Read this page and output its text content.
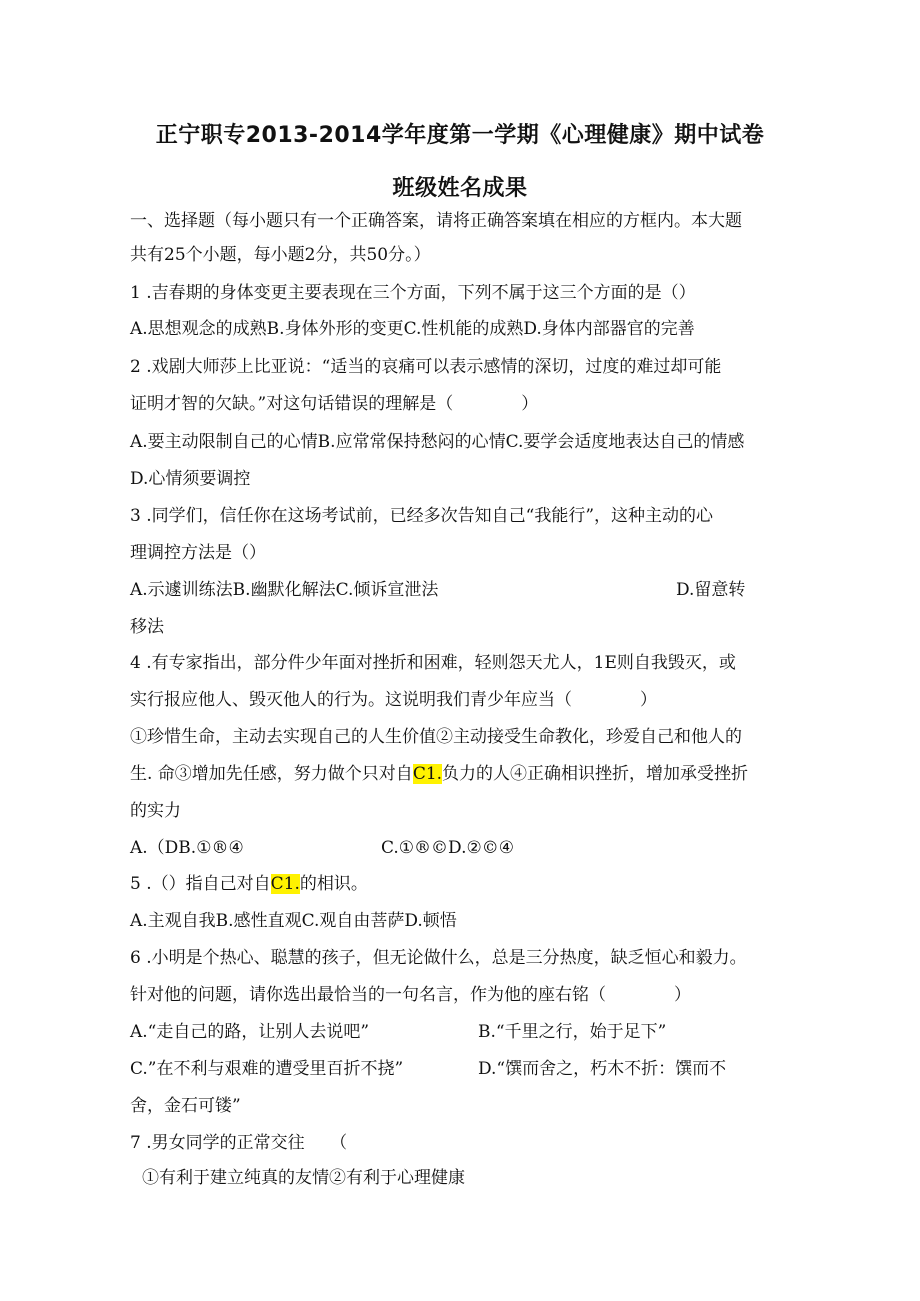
正宁职专2013-2014学年度第一学期《心理健康》期中试卷
班级姓名成果
一、选择题（每小题只有一个正确答案，请将正确答案填在相应的方框内。本大题
共有25个小题，每小题2分，共50分。）
1 .吉春期的身体变更主要表现在三个方面，下列不属于这三个方面的是（）
A.思想观念的成熟B.身体外形的变更C.性机能的成熟D.身体内部器官的完善
2 .戏剧大师莎上比亚说：“适当的哀痛可以表示感情的深切，过度的难过却可能
证明才智的欠缺。”对这句话错误的理解是（　　　　）
A.要主动限制自己的心情B.应常常保持愁闷的心情C.要学会适度地表达自己的情感
D.心情须要调控
3 .同学们，信任你在这场考试前，已经多次告知自己“我能行”，这种主动的心
理调控方法是（）
A.示遽训练法B.幽默化解法C.倾诉宣泄法	D.留意转
移法
4 .有专家指出，部分件少年面对挫折和困难，轻则怨天尤人，1E则自我毁灭，或
实行报应他人、毁灭他人的行为。这说明我们青少年应当（　　　　）
①珍惜生命，主动去实现自己的人生价值②主动接受生命教化，珍爱自己和他人的
生. 命③增加先任感，努力做个只对自C1.负力的人④正确相识挫折，增加承受挫折
的实力
A.（DB.①®④	C.①®©D.②©④
5 .（）指自己对自C1.的相识。
A.主观自我B.感性直观C.观自由菩萨D.顿悟
6 .小明是个热心、聪慧的孩子，但无论做什么，总是三分热度，缺乏恒心和毅力。
针对他的问题，请你选出最恰当的一句名言，作为他的座右铭（　　　　）
A.“走自己的路，让别人去说吧”	B.“千里之行，始于足下”
C.”在不利与艰难的遭受里百折不挠”	D.“馔而舍之，朽木不折：馔而不
舍，金石可镂”
7 .男女同学的正常交往　　（
①有利于建立纯真的友情②有利于心理健康
